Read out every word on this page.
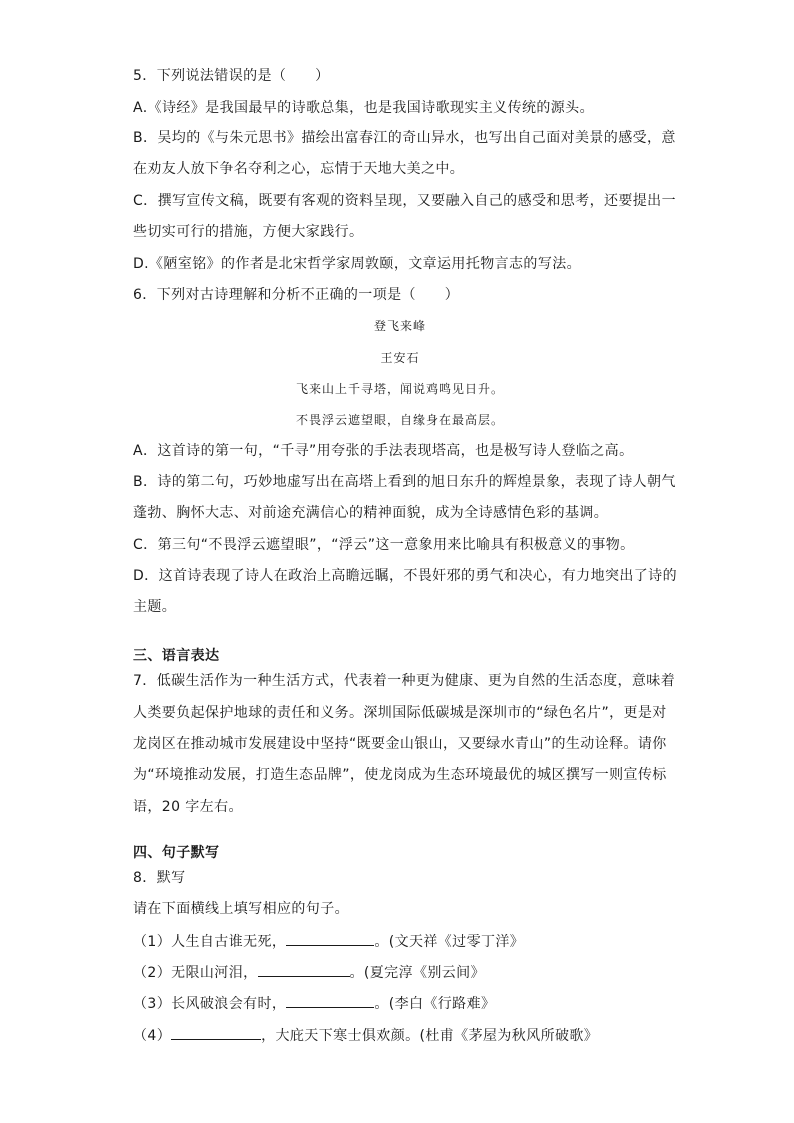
5．下列说法错误的是（　　）
A.《诗经》是我国最早的诗歌总集，也是我国诗歌现实主义传统的源头。
B．吴均的《与朱元思书》描绘出富春江的奇山异水，也写出自己面对美景的感受，意
在劝友人放下争名夺利之心，忘情于天地大美之中。
C．撰写宣传文稿，既要有客观的资料呈现，又要融入自己的感受和思考，还要提出一
些切实可行的措施，方便大家践行。
D.《陋室铭》的作者是北宋哲学家周敦颐，文章运用托物言志的写法。
6．下列对古诗理解和分析不正确的一项是（　　）
登飞来峰
王安石
飞来山上千寻塔，闻说鸡鸣见日升。
不畏浮云遮望眼，自缘身在最高层。
A．这首诗的第一句，“千寻”用夸张的手法表现塔高，也是极写诗人登临之高。
B．诗的第二句，巧妙地虚写出在高塔上看到的旭日东升的辉煌景象，表现了诗人朝气
蓬勃、胸怀大志、对前途充满信心的精神面貌，成为全诗感情色彩的基调。
C．第三句“不畏浮云遮望眼”，“浮云”这一意象用来比喻具有积极意义的事物。
D．这首诗表现了诗人在政治上高瞻远瞩，不畏奸邪的勇气和决心，有力地突出了诗的
主题。
三、语言表达
7．低碳生活作为一种生活方式，代表着一种更为健康、更为自然的生活态度，意味着
人类要负起保护地球的责任和义务。深圳国际低碳城是深圳市的“绿色名片”，更是对
龙岗区在推动城市发展建设中坚持“既要金山银山，又要绿水青山”的生动诠释。请你
为“环境推动发展，打造生态品牌”，使龙岗成为生态环境最优的城区撰写一则宣传标
语，20 字左右。
四、句子默写
8．默写
请在下面横线上填写相应的句子。
（1）人生自古谁无死，	。(文天祥《过零丁洋》
（2）无限山河泪，	。(夏完淳《别云间》
（3）长风破浪会有时，	。(李白《行路难》
（4）	，大庇天下寒士俱欢颜。(杜甫《茅屋为秋风所破歌》
